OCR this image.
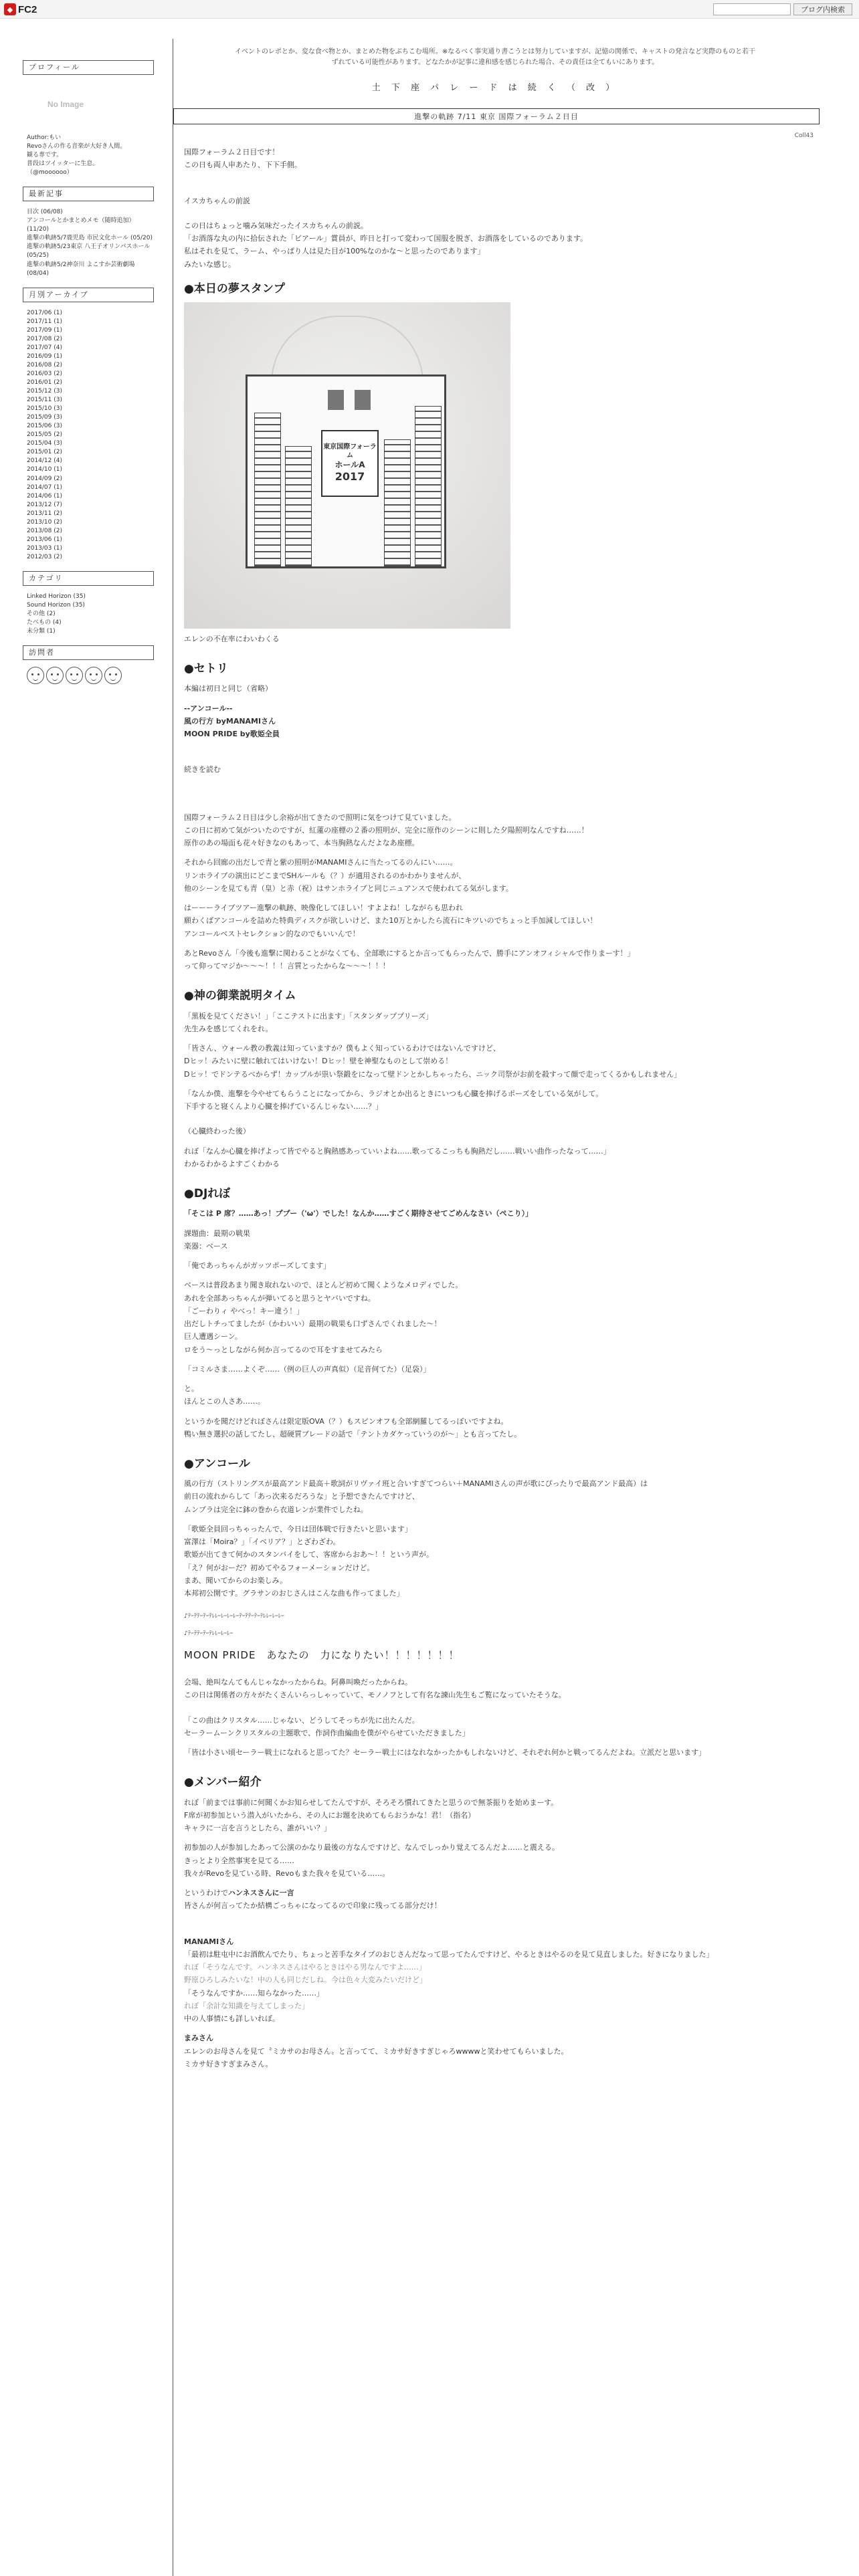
◆ FC2	ブログ内検索
プロフィール
No Image
Author:もい
Revoさんの作る音楽が大好き人間。
観る専です。
普段はツイッターに生息。
（@moooooo）
最新記事
目次 (06/08)
アンコールとかまとめメモ（随時追加） (11/20)
進撃の軌跡5/7鹿児島 市民文化ホール (05/20)
進撃の軌跡5/23東京 八王子オリンパスホール (05/25)
進撃の軌跡5/2神奈川 よこすか芸術劇場 (08/04)
月別アーカイブ
2017/06 (1)
2017/11 (1)
2017/09 (1)
2017/08 (2)
2017/07 (4)
2016/09 (1)
2016/08 (2)
2016/03 (2)
2016/01 (2)
2015/12 (3)
2015/11 (3)
2015/10 (3)
2015/09 (3)
2015/06 (3)
2015/05 (2)
2015/04 (3)
2015/01 (2)
2014/12 (4)
2014/10 (1)
2014/09 (2)
2014/07 (1)
2014/06 (1)
2013/12 (7)
2013/11 (2)
2013/10 (2)
2013/08 (2)
2013/06 (1)
2013/03 (1)
2012/03 (2)
カテゴリ
Linked Horizon (35)
Sound Horizon (35)
その他 (2)
たべもの (4)
未分類 (1)
訪問者
イベントのレポとか、変な食べ物とか、まとめた物をぶちこむ場所。※なるべく事実通り書こうとは努力していますが、記憶の関係で、キャストの発言など実際のものと若干
ずれている可能性があります。どなたかが記事に違和感を感じられた場合、その責任は全てもいにあります。
土 下 座 パ レ ー ド は 続 く （ 改 ）
進撃の軌跡 7/11 東京 国際フォーラム２日目
Coll43

国際フォーラム２日目です！

この日も両人申あたり、下下手側。

イスカちゃんの前説

この日はちょっと噛み気味だったイスカちゃんの前説。

「お酒落な丸の内に拾伝された「ビアール」賞員が、昨日と打って変わって国服を脱ぎ、お酒落をしているのであります。

私はそれを見て、ラーム、やっぱり人は見た目が100%なのかな〜と思ったのであります」

みたいな感じ。

●本日の夢スタンプ
東京国際フォーラム
ホールA
2017

エレンの不在率にわいわくる

●セトリ

本編は初日と同じ（省略）

--アンコール--

風の行方 byMANAMIさん

MOON PRIDE by歌姫全員

続きを読む

国際フォーラム２日目は少し余裕が出てきたので照明に気をつけて見ていました。

この日に初めて気がついたのですが、紅蓮の座標の２番の照明が、完全に原作のシーンに則した夕陽照明なんですね……！

原作のあの場面も花々好きなのもあって、本当胸熱なんだよなあ座標。

それから回廊の出だしで青と紫の照明がMANAMIさんに当たってるのんにい……。

リンホライブの演出にどこまでSHルールも（？）が適用されるのかわかりませんが、

他のシーンを見ても青（皇）と赤（祝）はサンホライブと同じニュアンスで使われてる気がします。

はーーーライブツアー進撃の軌跡、映像化してほしい！すよよね！しながらも思われ

願わくばアンコールを詰めた特典ディスクが欲しいけど、また10万とかしたら流石にキツいのでちょっと手加減してほしい！

アンコールベストセレクション的なのでもいいんで！

あとRevoさん「今後も進撃に関わることがなくても、全部歌にするとか言ってもらったんで、勝手にアンオフィシャルで作りまーす！」

って仰ってマジか〜〜〜！！！言質とったからな〜〜〜！！！

●神の御業説明タイム

「黒板を見てください！」「ここテストに出ます」「スタンダッププリーズ」

先生みを感じてくれをれ。

「皆さん、ウォール教の教義は知っていますか？僕もよく知っているわけではないんですけど、

Dヒッ！みたいに壁に触れてはいけない！Dヒッ！壁を神聖なものとして崇める！

Dヒッ！でドンテるべからず！カップルが祟い祭鍛をになって壁ドンとかしちゃったら、ニック司祭がお前を殺すって顔で走ってくるかもしれません」

「なんか僕、進撃を今やせてもらうことになってから、ラジオとか出るときにいつも心臓を捧げるポーズをしている気がして。

下手すると寝くんより心臓を捧げているんじゃない……？」

（心臓終わった後）

れぼ「なんか心臓を捧げよって皆でやると胸熱感あっていいよね……歌ってるこっちも胸熱だし……戦いい曲作ったなって……」

わかるわかるよすごくわかる

●DJれぼ

「そこは P 席？……あっ！ププー（'ω'）でした！なんか……すごく期待させてごめんなさい（ぺこり）」

課題曲：最期の戦果

楽器：ベース

「俺であっちゃんがガッツポーズしてます」

ベースは普段あまり聞き取れないので、ほとんど初めて聞くようなメロディでした。

あれを全部あっちゃんが弾いてると思うとヤバいですね。

「ごーわりィ やべっ！キー違う！」

出だしトチってましたが（かわいい）最期の戦果も口ずさんでくれました〜！

巨人遭遇シーン。

ロをう〜っとしながら何か言ってるので耳をすませてみたら

「コミルさま……よくぞ……（例の巨人の声真似）（足音何てた）（足袋）」

と。

ほんとこの人さあ……。

というかを聞だけどれぼさんは限定版OVA（？）もスピンオフも全部網羅してるっぽいですよね。

鴨い無き選択の話してたし、超硬質ブレードの話で「テントカダケっていうのが〜」とも言ってたし。

●アンコール

風の行方（ストリングスが最高アンド最高＋歌詞がリヴァイ班と合いすぎてつらい＋MANAMIさんの声が歌にぴったりで最高アンド最高）は

前日の流れからして「あっ次来るだろうな」と予想できたんですけど、

ムンプラは完全に鉢の巻から衣道レンが業件でしたね。

「歌姫全員回っちゃったんで、今日は団体戦で行きたいと思います」

富澤は「Moira？」「イベリア？」とざわざわ。

歌姫が出てきて何かのスタンバイをして、客席からおあ〜！！という声が。

「え？何がおーだ？初めてやるフォーメーションだけど。

まあ、聞いてからのお楽しみ。

本邦初公開です。グラサンのおじさんはこんな曲も作ってました」

♪ﾃｰﾃﾃｰﾃｰﾃﾚﾚｰﾚｰﾚｰﾚｰﾃｰﾃﾃｰﾃｰﾃﾚﾚｰﾚｰﾚｰ

♪ﾃｰﾃﾃｰﾃｰﾃﾚﾚｰﾚｰﾚｰ

MOON PRIDE　あなたの　力になりたい！！！！！！！

会場、絶叫なんてもんじゃなかったからね。阿鼻叫喚だったからね。

この日は関係者の方々がたくさんいらっしゃっていて、モノノフとして有名な諫山先生もご覧になっていたそうな。

「この曲はクリスタル……じゃない、どうしてそっちが先に出たんだ。

セーラームーンクリスタルの主題歌で、作詞作曲編曲を僕がやらせていただきました」

「皆は小さい頃セーラー戦士になれると思ってた？セーラー戦士にはなれなかったかもしれないけど、それぞれ何かと戦ってるんだよね。立派だと思います」

●メンバー紹介

れぼ「前までは事前に何聞くかお知らせしてたんですが、そろそろ慣れてきたと思うので無茶振りを始めまーす。

F席が初参加という潜入がいたから、その人にお題を決めてもらおうかな！君！（指名）

キャラに一言を言うとしたら、誰がいい？」

初参加の人が参加したあって公演のかなり最後の方なんですけど、なんでしっかり覚えてるんだよ……と震える。

きっとより全然事実を見てる……

我々がRevoを見ている時、Revoもまた我々を見ている……。

というわけでハンネスさんに一言

皆さんが何言ってたか結構ごっちゃになってるので印象に残ってる部分だけ！

MANAMIさん

「最初は駐屯中にお酒飲んでたり、ちょっと苦手なタイプのおじさんだなって思ってたんですけど、やるときはやるのを見て見直しました。好きになりました」

れぼ「そうなんです。ハンネスさんはやるときはやる男なんですよ……」

野原ひろしみたいな！中の人も同じだしね。今は色々大変みたいだけど」

「そうなんですか……知らなかった……」

れぼ「余計な知識を与えてしまった」

中の人事情にも詳しいれぼ。

まみさん

エレンのお母さんを見て〝ミカサのお母さん〟と言ってて、ミカサ好きすぎじゃろwwwwと笑わせてもらいました。

ミカサ好きすぎまみさん。
